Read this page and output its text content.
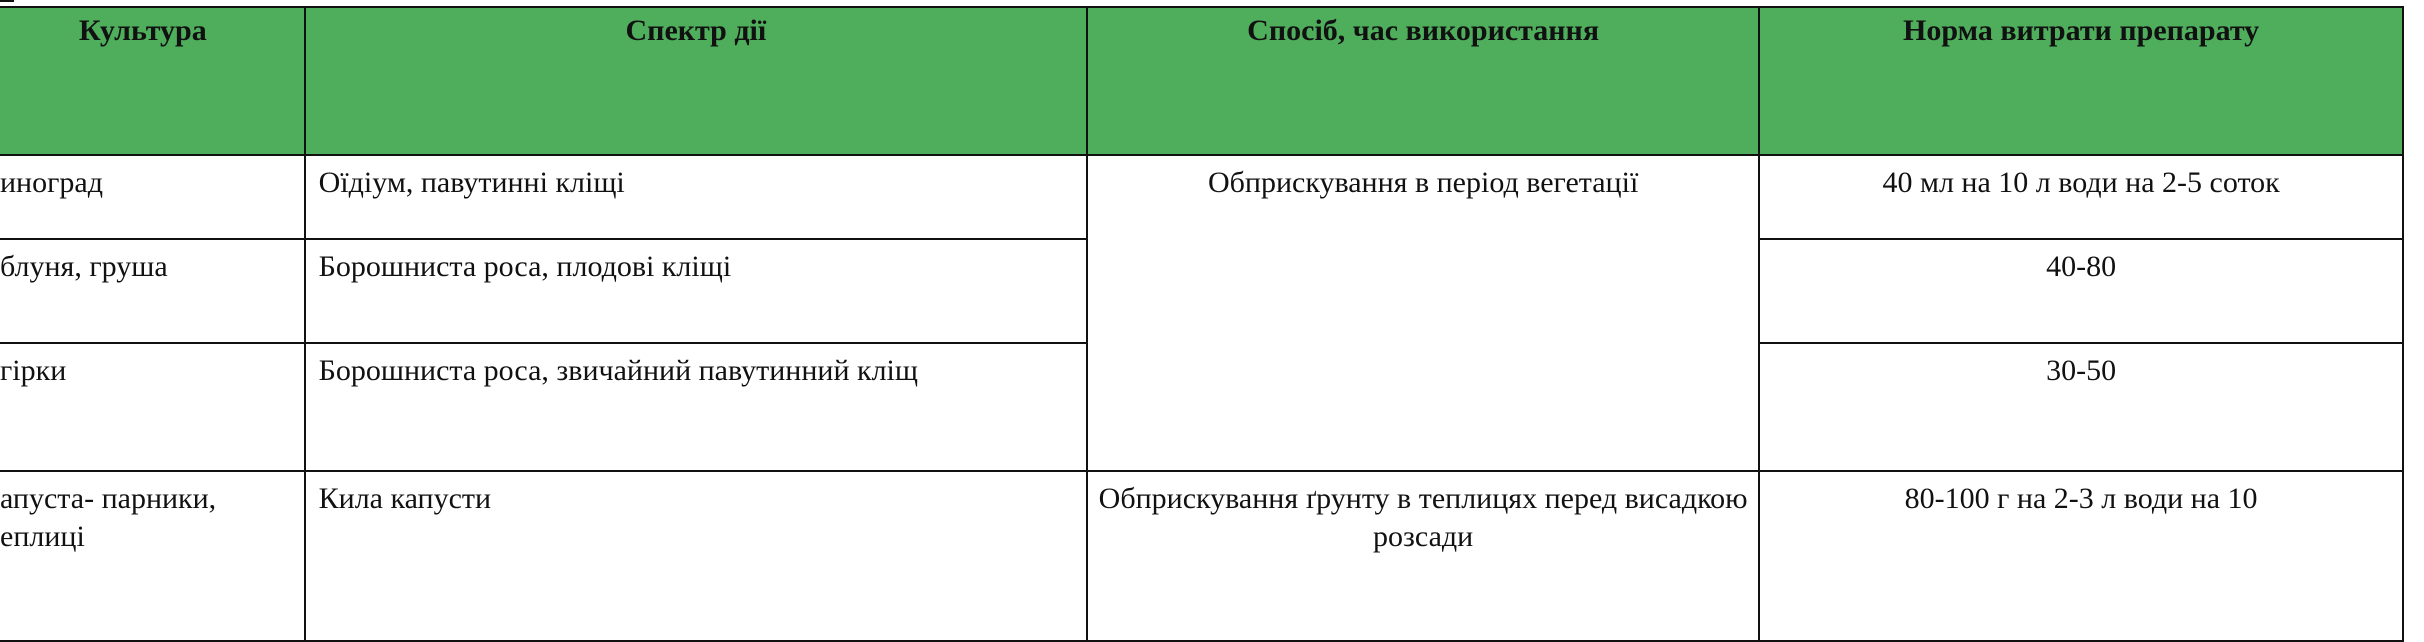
Культура	Спектр дії	Спосіб, час використання	Норма витрати препарату
иноград	Оїдіум, павутинні кліщі	Обприскування в період вегетації	40 мл на 10 л води на 2-5 соток
блуня, груша	Борошниста роса, плодові кліщі		40-80
гірки	Борошниста роса, звичайний павутинний кліщ		30-50
апуста- парники, еплиці	Кила капусти	Обприскування ґрунту в теплицях перед висадкою розсади	80-100 г на 2-3 л води на 10
